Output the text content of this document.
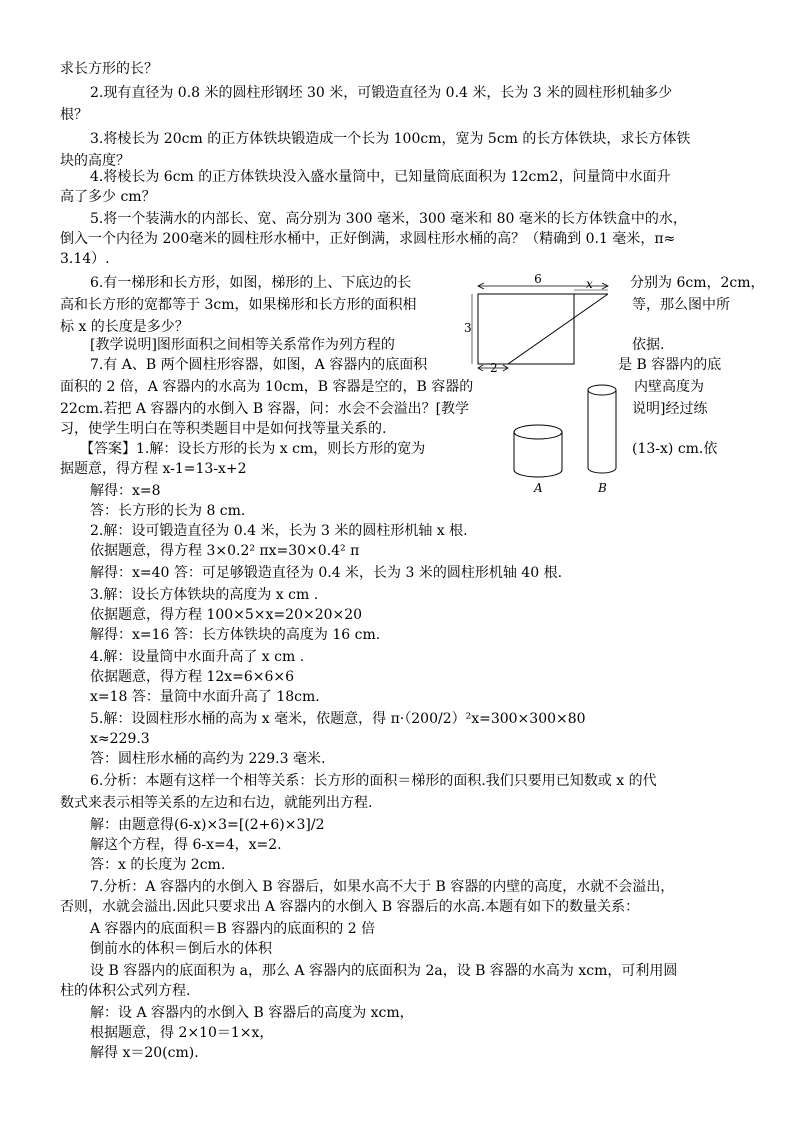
求长方形的长？
2.现有直径为 0.8 米的圆柱形钢坯 30 米，可锻造直径为 0.4 米，长为 3 米的圆柱形机轴多少
根？
3.将棱长为 20cm 的正方体铁块锻造成一个长为 100cm，宽为 5cm 的长方体铁块，求长方体铁
块的高度？
4.将棱长为 6cm 的正方体铁块没入盛水量筒中，已知量筒底面积为 12cm2，问量筒中水面升
高了多少 cm？
5.将一个装满水的内部长、宽、高分别为 300 毫米，300 毫米和 80 毫米的长方体铁盒中的水，
倒入一个内径为 200毫米的圆柱形水桶中，正好倒满，求圆柱形水桶的高？（精确到 0.1 毫米，π≈
3.14）.
6.有一梯形和长方形，如图，梯形的上、下底边的长	分别为 6cm，2cm，
高和长方形的宽都等于 3cm，如果梯形和长方形的面积相	等，那么图中所
标 x 的长度是多少？
[教学说明]图形面积之间相等关系常作为列方程的	依据.
7.有 A、B 两个圆柱形容器，如图，A 容器内的底面积	是 B 容器内的底
面积的 2 倍，A 容器内的水高为 10cm，B 容器是空的，B 容器的	内壁高度为
22cm.若把 A 容器内的水倒入 B 容器，问：水会不会溢出？[教学	说明]经过练
习，使学生明白在等积类题目中是如何找等量关系的.
【答案】1.解：设长方形的长为 x cm，则长方形的宽为	(13-x) cm.依
据题意，得方程 x-1=13-x+2
解得：x=8
答：长方形的长为 8 cm.
2.解：设可锻造直径为 0.4 米，长为 3 米的圆柱形机轴 x 根.
依据题意，得方程 3×0.2² πx=30×0.4² π
解得：x=40 答：可足够锻造直径为 0.4 米，长为 3 米的圆柱形机轴 40 根.
3.解：设长方体铁块的高度为 x cm .
依据题意，得方程 100×5×x=20×20×20
解得：x=16 答：长方体铁块的高度为 16 cm.
4.解：设量筒中水面升高了 x cm .
依据题意，得方程 12x=6×6×6
x=18 答：量筒中水面升高了 18cm.
5.解：设圆柱形水桶的高为 x 毫米，依题意，得 π·（200/2）²x=300×300×80
x≈229.3
答：圆柱形水桶的高约为 229.3 毫米.
6.分析：本题有这样一个相等关系：长方形的面积＝梯形的面积.我们只要用已知数或 x 的代
数式来表示相等关系的左边和右边，就能列出方程.
解：由题意得(6-x)×3=[(2+6)×3]/2
解这个方程，得 6-x=4，x=2.
答：x 的长度为 2cm.
7.分析：A 容器内的水倒入 B 容器后，如果水高不大于 B 容器的内壁的高度，水就不会溢出，
否则，水就会溢出.因此只要求出 A 容器内的水倒入 B 容器后的水高.本题有如下的数量关系：
A 容器内的底面积＝B 容器内的底面积的 2 倍
倒前水的体积＝倒后水的体积
设 B 容器内的底面积为 a，那么 A 容器内的底面积为 2a，设 B 容器的水高为 xcm，可利用圆
柱的体积公式列方程.
解：设 A 容器内的水倒入 B 容器后的高度为 xcm，
根据题意，得 2×10＝1×x，
解得 x＝20(cm).
6	x
3
2
A	B
